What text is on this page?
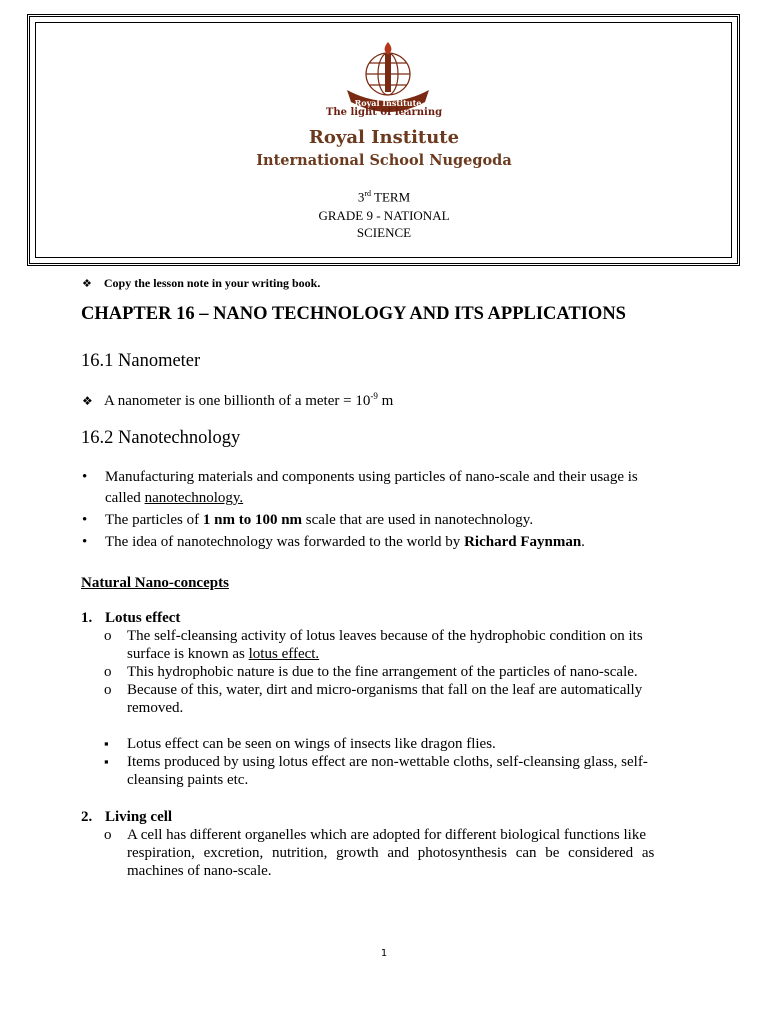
Royal Institute
The light of learning
Royal Institute
International School Nugegoda
3rd TERM
GRADE 9 - NATIONAL
SCIENCE
❖ Copy the lesson note in your writing book.
CHAPTER 16 – NANO TECHNOLOGY AND ITS APPLICATIONS
16.1 Nanometer
❖ A nanometer is one billionth of a meter = $10^{-9}$ m
16.2 Nanotechnology
• Manufacturing materials and components using particles of nano-scale and their usage is
called nanotechnology.
• The particles of 1 nm to 100 nm scale that are used in nanotechnology.
• The idea of nanotechnology was forwarded to the world by Richard Faynman.
Natural Nano-concepts
1. Lotus effect
o The self-cleansing activity of lotus leaves because of the hydrophobic condition on its
surface is known as lotus effect.
o This hydrophobic nature is due to the fine arrangement of the particles of nano-scale.
o Because of this, water, dirt and micro-organisms that fall on the leaf are automatically
removed.
▪ Lotus effect can be seen on wings of insects like dragon flies.
▪ Items produced by using lotus effect are non-wettable cloths, self-cleansing glass, self-
cleansing paints etc.
2. Living cell
o A cell has different organelles which are adopted for different biological functions like
respiration, excretion, nutrition, growth and photosynthesis can be considered as
machines of nano-scale.
1
